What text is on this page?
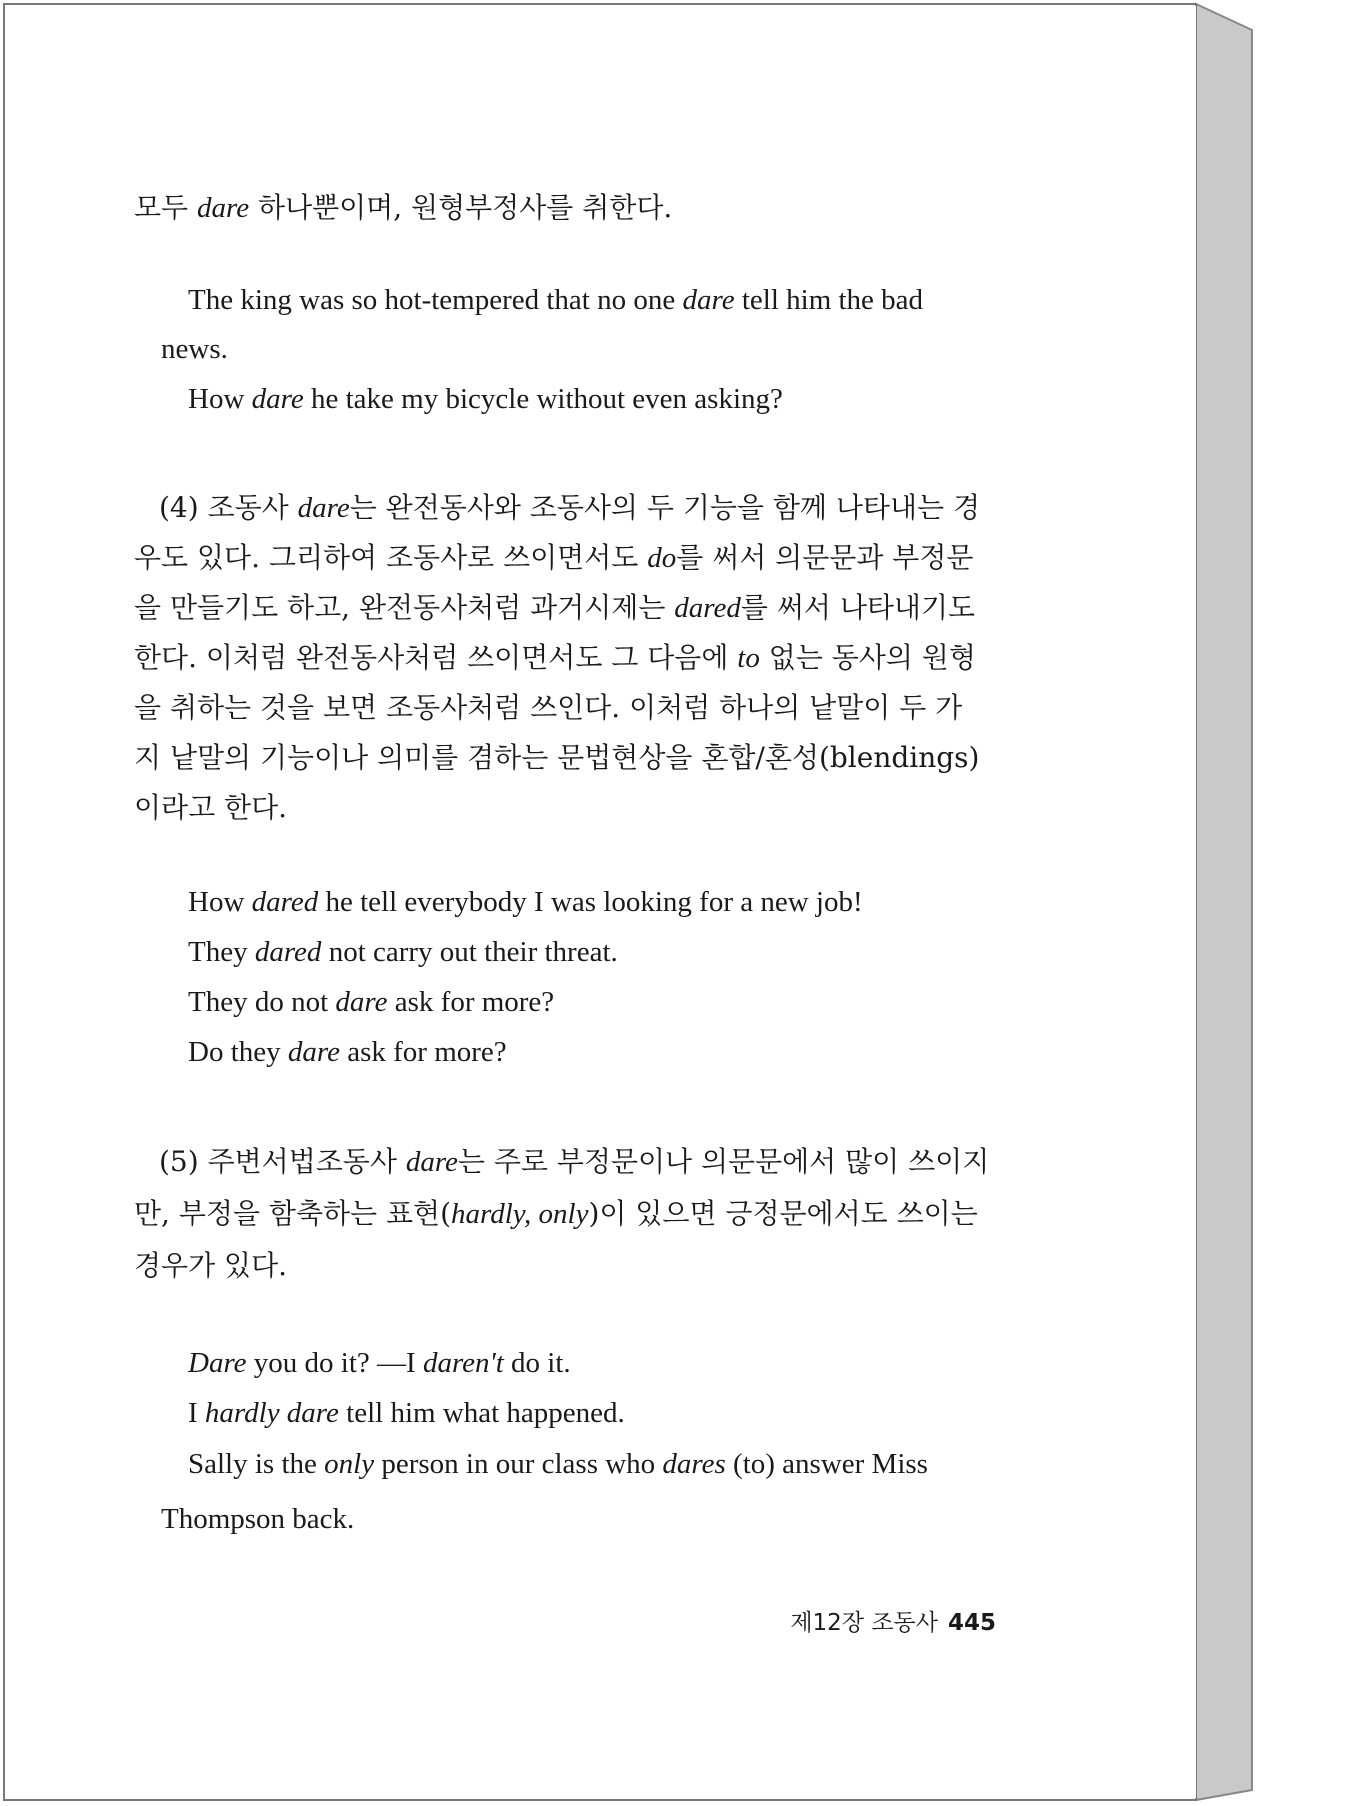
모두 dare 하나뿐이며, 원형부정사를 취한다.
The king was so hot-tempered that no one dare tell him the bad
news.
How dare he take my bicycle without even asking?
(4) 조동사 dare는 완전동사와 조동사의 두 기능을 함께 나타내는 경
우도 있다. 그리하여 조동사로 쓰이면서도 do를 써서 의문문과 부정문
을 만들기도 하고, 완전동사처럼 과거시제는 dared를 써서 나타내기도
한다. 이처럼 완전동사처럼 쓰이면서도 그 다음에 to 없는 동사의 원형
을 취하는 것을 보면 조동사처럼 쓰인다. 이처럼 하나의 낱말이 두 가
지 낱말의 기능이나 의미를 겸하는 문법현상을 혼합/혼성(blendings)
이라고 한다.
How dared he tell everybody I was looking for a new job!
They dared not carry out their threat.
They do not dare ask for more?
Do they dare ask for more?
(5) 주변서법조동사 dare는 주로 부정문이나 의문문에서 많이 쓰이지
만, 부정을 함축하는 표현(hardly, only)이 있으면 긍정문에서도 쓰이는
경우가 있다.
Dare you do it? —I daren't do it.
I hardly dare tell him what happened.
Sally is the only person in our class who dares (to) answer Miss
Thompson back.
제12장 조동사 445
